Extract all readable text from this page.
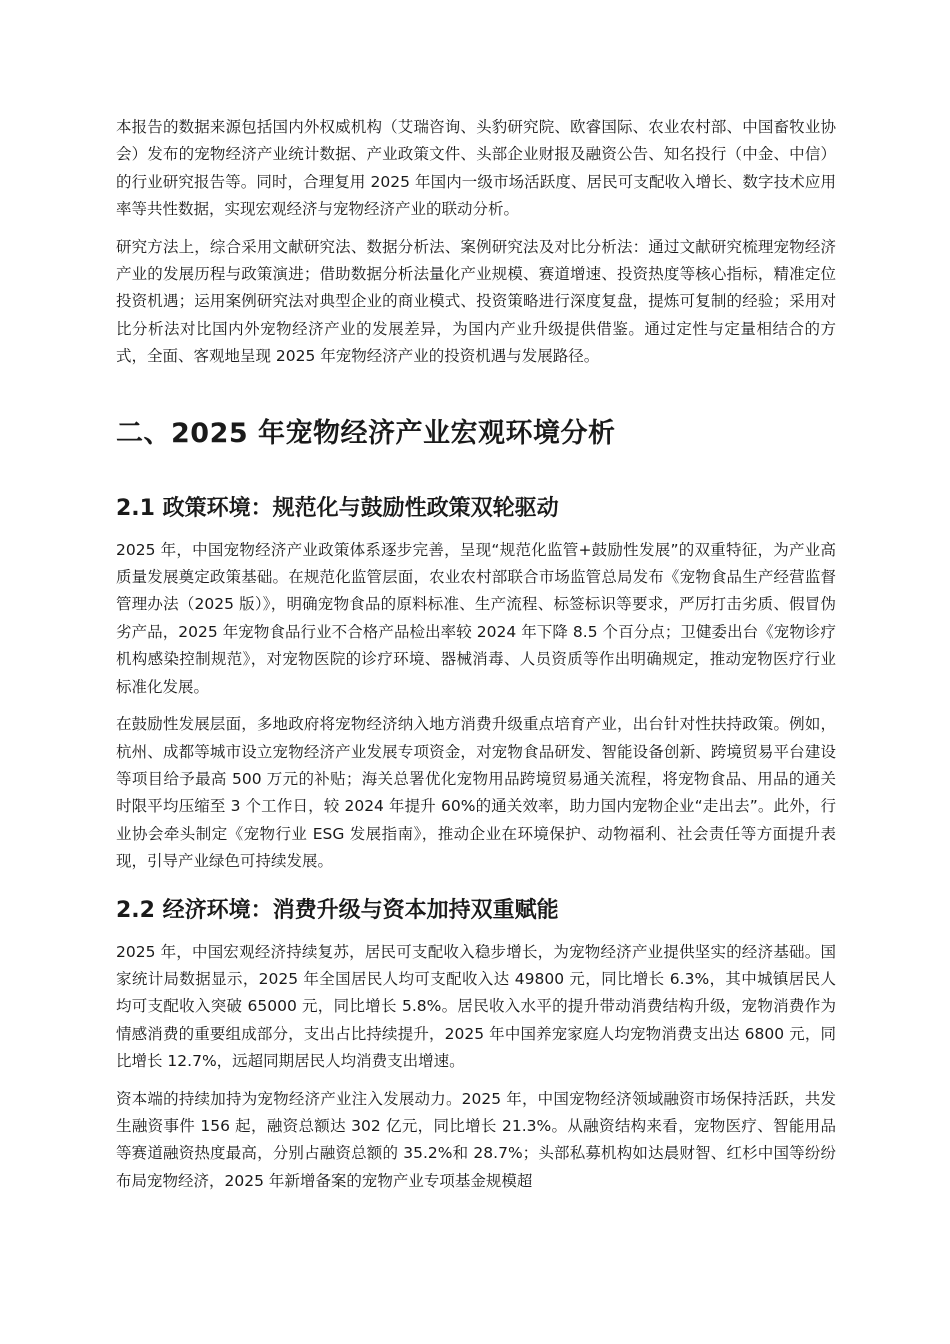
本报告的数据来源包括国内外权威机构（艾瑞咨询、头豹研究院、欧睿国际、农业农村部、中国畜牧业协会）发布的宠物经济产业统计数据、产业政策文件、头部企业财报及融资公告、知名投行（中金、中信）的行业研究报告等。同时，合理复用 2025 年国内一级市场活跃度、居民可支配收入增长、数字技术应用率等共性数据，实现宏观经济与宠物经济产业的联动分析。

研究方法上，综合采用文献研究法、数据分析法、案例研究法及对比分析法：通过文献研究梳理宠物经济产业的发展历程与政策演进；借助数据分析法量化产业规模、赛道增速、投资热度等核心指标，精准定位投资机遇；运用案例研究法对典型企业的商业模式、投资策略进行深度复盘，提炼可复制的经验；采用对比分析法对比国内外宠物经济产业的发展差异，为国内产业升级提供借鉴。通过定性与定量相结合的方式，全面、客观地呈现 2025 年宠物经济产业的投资机遇与发展路径。

二、2025 年宠物经济产业宏观环境分析
2.1 政策环境：规范化与鼓励性政策双轮驱动

2025 年，中国宠物经济产业政策体系逐步完善，呈现“规范化监管+鼓励性发展”的双重特征，为产业高质量发展奠定政策基础。在规范化监管层面，农业农村部联合市场监管总局发布《宠物食品生产经营监督管理办法（2025 版）》，明确宠物食品的原料标准、生产流程、标签标识等要求，严厉打击劣质、假冒伪劣产品，2025 年宠物食品行业不合格产品检出率较 2024 年下降 8.5 个百分点；卫健委出台《宠物诊疗机构感染控制规范》，对宠物医院的诊疗环境、器械消毒、人员资质等作出明确规定，推动宠物医疗行业标准化发展。

在鼓励性发展层面，多地政府将宠物经济纳入地方消费升级重点培育产业，出台针对性扶持政策。例如，杭州、成都等城市设立宠物经济产业发展专项资金，对宠物食品研发、智能设备创新、跨境贸易平台建设等项目给予最高 500 万元的补贴；海关总署优化宠物用品跨境贸易通关流程，将宠物食品、用品的通关时限平均压缩至 3 个工作日，较 2024 年提升 60%的通关效率，助力国内宠物企业“走出去”。此外，行业协会牵头制定《宠物行业 ESG 发展指南》，推动企业在环境保护、动物福利、社会责任等方面提升表现，引导产业绿色可持续发展。

2.2 经济环境：消费升级与资本加持双重赋能

2025 年，中国宏观经济持续复苏，居民可支配收入稳步增长，为宠物经济产业提供坚实的经济基础。国家统计局数据显示，2025 年全国居民人均可支配收入达 49800 元，同比增长 6.3%，其中城镇居民人均可支配收入突破 65000 元，同比增长 5.8%。居民收入水平的提升带动消费结构升级，宠物消费作为情感消费的重要组成部分，支出占比持续提升，2025 年中国养宠家庭人均宠物消费支出达 6800 元，同比增长 12.7%，远超同期居民人均消费支出增速。

资本端的持续加持为宠物经济产业注入发展动力。2025 年，中国宠物经济领域融资市场保持活跃，共发生融资事件 156 起，融资总额达 302 亿元，同比增长 21.3%。从融资结构来看，宠物医疗、智能用品等赛道融资热度最高，分别占融资总额的 35.2%和 28.7%；头部私募机构如达晨财智、红杉中国等纷纷布局宠物经济，2025 年新增备案的宠物产业专项基金规模超
